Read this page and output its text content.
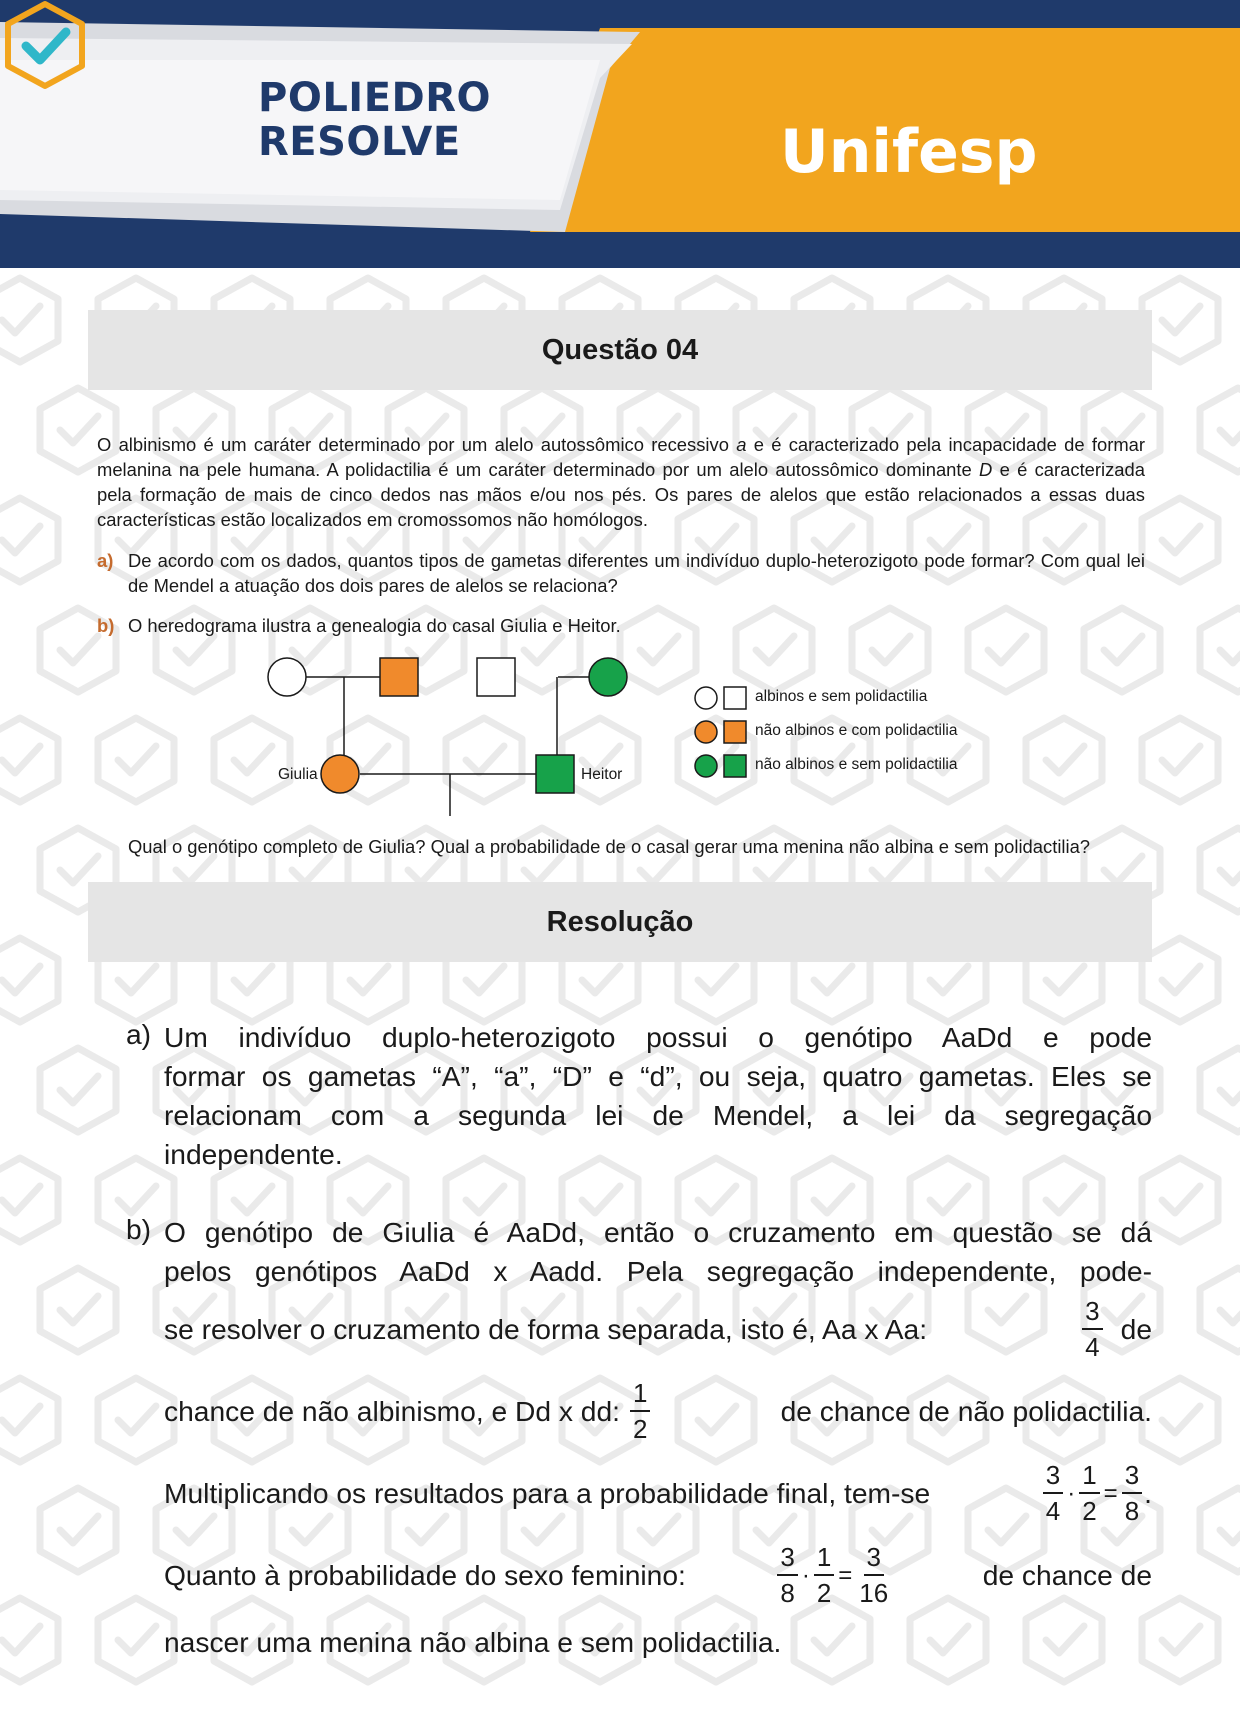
POLIEDRO
RESOLVE	Unifesp
Questão 04

O albinismo é um caráter determinado por um alelo autossômico recessivo a e é caracterizado pela incapacidade de formar melanina na pele humana. A polidactilia é um caráter determinado por um alelo autossômico dominante D e é caracterizada pela formação de mais de cinco dedos nas mãos e/ou nos pés. Os pares de alelos que estão relacionados a essas duas características estão localizados em cromossomos não homólogos.

a) De acordo com os dados, quantos tipos de gametas diferentes um indivíduo duplo-heterozigoto pode formar? Com qual lei de Mendel a atuação dos dois pares de alelos se relaciona?
b) O heredograma ilustra a genealogia do casal Giulia e Heitor.
Giulia	Heitor
albinos e sem polidactilia
não albinos e com polidactilia
não albinos e sem polidactilia
Qual o genótipo completo de Giulia? Qual a probabilidade de o casal gerar uma menina não albina e sem polidactilia?
Resolução
a) Um indivíduo duplo-heterozigoto possui o genótipo AaDd e pode
formar os gametas “A”, “a”, “D” e “d”, ou seja, quatro gametas. Eles se
relacionam com a segunda lei de Mendel, a lei da segregação
independente.
b) O genótipo de Giulia é AaDd, então o cruzamento em questão se dá
pelos genótipos AaDd x Aadd. Pela segregação independente, pode-
se resolver o cruzamento de forma separada, isto é, Aa x Aa:	$\frac{3}{4}$ de
chance de não albinismo, e Dd x dd: $\frac{1}{2}$	de chance de não polidactilia.
Multiplicando os resultados para a probabilidade final, tem-se	$\frac{3}{4} \cdot \frac{1}{2} = \frac{3}{8}$ .
Quanto à probabilidade do sexo feminino:	$\frac{3}{8} \cdot \frac{1}{2} = \frac{3}{16}$	de chance de
nascer uma menina não albina e sem polidactilia.
